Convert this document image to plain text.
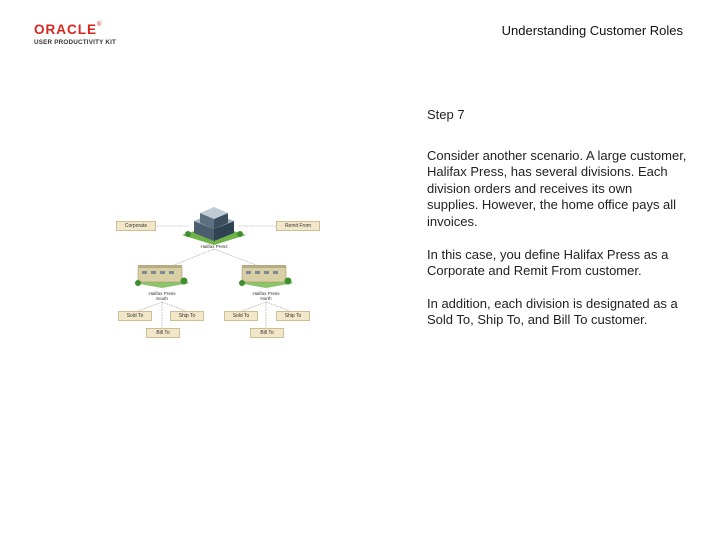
ORACLE®
USER PRODUCTIVITY KIT
Understanding Customer Roles
Corporate	Remit From
Halifax Press
Halifax Press
South
Halifax Press
North
Sold To	Ship To
Bill To
Sold To	Ship To
Bill To

Step 7

Consider another scenario. A large customer, Halifax Press, has several divisions. Each division orders and receives its own supplies. However, the home office pays all invoices.

In this case, you define Halifax Press as a Corporate and Remit From customer.

In addition, each division is designated as a Sold To, Ship To, and Bill To customer.
